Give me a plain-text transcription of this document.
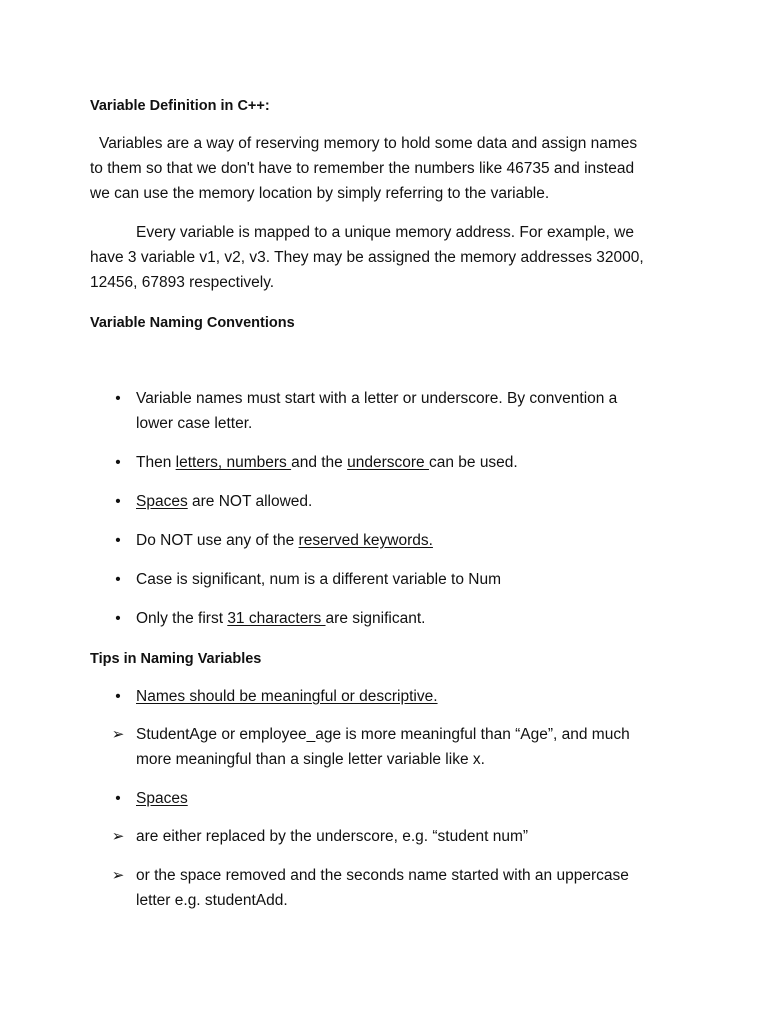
Variable Definition in C++:
Variables are a way of reserving memory to hold some data and assign names
to them so that we don't have to remember the numbers like 46735 and instead
we can use the memory location by simply referring to the variable.
Every variable is mapped to a unique memory address. For example, we
have 3 variable v1, v2, v3. They may be assigned the memory addresses 32000,
12456, 67893 respectively.
Variable Naming Conventions
• Variable names must start with a letter or underscore. By convention a
lower case letter.
• Then letters, numbers and the underscore can be used.
• Spaces are NOT allowed.
• Do NOT use any of the reserved keywords.
• Case is significant, num is a different variable to Num
• Only the first 31 characters are significant.
Tips in Naming Variables
• Names should be meaningful or descriptive.
➢ StudentAge or employee_age is more meaningful than “Age”, and much
more meaningful than a single letter variable like x.
• Spaces
➢ are either replaced by the underscore, e.g. “student num”
➢ or the space removed and the seconds name started with an uppercase
letter e.g. studentAdd.
